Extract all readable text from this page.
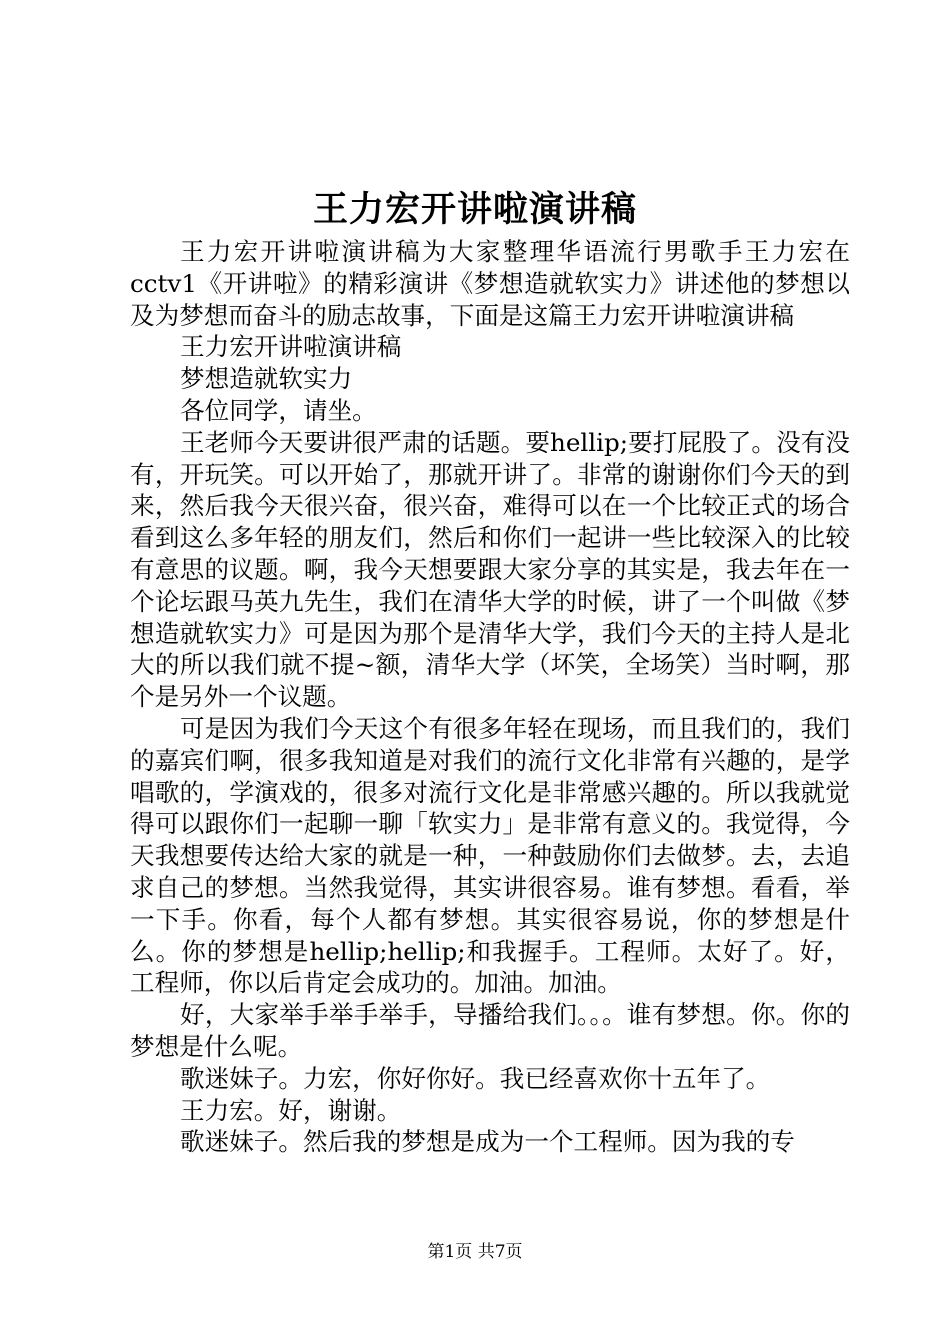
王力宏开讲啦演讲稿

王力宏开讲啦演讲稿为大家整理华语流行男歌手王力宏在cctv1《开讲啦》的精彩演讲《梦想造就软实力》讲述他的梦想以及为梦想而奋斗的励志故事，下面是这篇王力宏开讲啦演讲稿

王力宏开讲啦演讲稿

梦想造就软实力

各位同学，请坐。

王老师今天要讲很严肃的话题。要hellip;要打屁股了。没有没有，开玩笑。可以开始了，那就开讲了。非常的谢谢你们今天的到来，然后我今天很兴奋，很兴奋，难得可以在一个比较正式的场合看到这么多年轻的朋友们，然后和你们一起讲一些比较深入的比较有意思的议题。啊，我今天想要跟大家分享的其实是，我去年在一个论坛跟马英九先生，我们在清华大学的时候，讲了一个叫做《梦想造就软实力》可是因为那个是清华大学，我们今天的主持人是北大的所以我们就不提~额，清华大学（坏笑，全场笑）当时啊，那个是另外一个议题。

可是因为我们今天这个有很多年轻在现场，而且我们的，我们的嘉宾们啊，很多我知道是对我们的流行文化非常有兴趣的，是学唱歌的，学演戏的，很多对流行文化是非常感兴趣的。所以我就觉得可以跟你们一起聊一聊「软实力」是非常有意义的。我觉得，今天我想要传达给大家的就是一种，一种鼓励你们去做梦。去，去追求自己的梦想。当然我觉得，其实讲很容易。谁有梦想。看看，举一下手。你看，每个人都有梦想。其实很容易说，你的梦想是什么。你的梦想是hellip;hellip;和我握手。工程师。太好了。好，工程师，你以后肯定会成功的。加油。加油。

好，大家举手举手举手，导播给我们。。。谁有梦想。你。你的梦想是什么呢。

歌迷妹子。力宏，你好你好。我已经喜欢你十五年了。

王力宏。好，谢谢。

歌迷妹子。然后我的梦想是成为一个工程师。因为我的专

第1页 共7页
